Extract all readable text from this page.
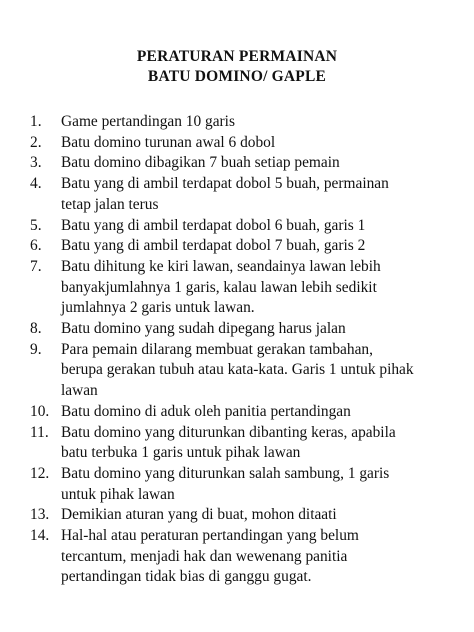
PERATURAN PERMAINAN
BATU DOMINO/ GAPLE
1.	Game pertandingan 10 garis
2.	Batu domino turunan awal 6 dobol
3.	Batu domino dibagikan 7 buah setiap pemain
4.	Batu yang di ambil terdapat dobol 5 buah, permainan
tetap jalan terus
5.	Batu yang di ambil terdapat dobol 6 buah, garis 1
6.	Batu yang di ambil terdapat dobol 7 buah, garis 2
7.	Batu dihitung ke kiri lawan, seandainya lawan lebih
banyakjumlahnya 1 garis, kalau lawan lebih sedikit
jumlahnya 2 garis untuk lawan.
8.	Batu domino yang sudah dipegang harus jalan
9.	Para pemain dilarang membuat gerakan tambahan,
berupa gerakan tubuh atau kata-kata. Garis 1 untuk pihak
lawan
10. Batu domino di aduk oleh panitia pertandingan
11. Batu domino yang diturunkan dibanting keras, apabila
batu terbuka 1 garis untuk pihak lawan
12. Batu domino yang diturunkan salah sambung, 1 garis
untuk pihak lawan
13. Demikian aturan yang di buat, mohon ditaati
14. Hal-hal atau peraturan pertandingan yang belum
tercantum, menjadi hak dan wewenang panitia
pertandingan tidak bias di ganggu gugat.
